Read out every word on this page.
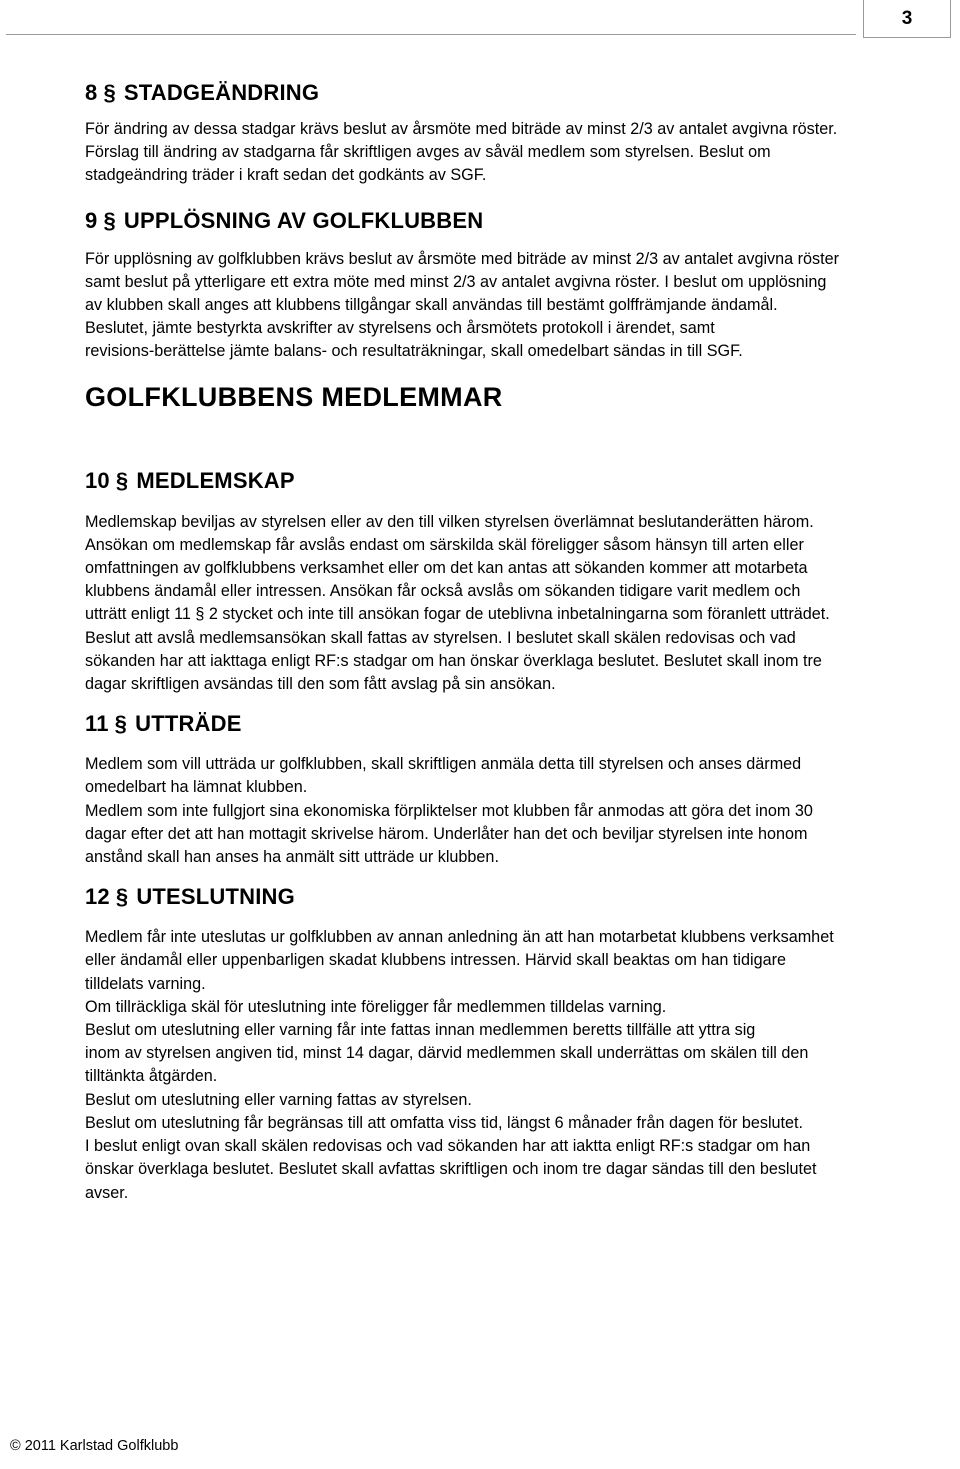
3
8 § STADGEÄNDRING

För ändring av dessa stadgar krävs beslut av årsmöte med biträde av minst 2/3 av antalet avgivna röster.

Förslag till ändring av stadgarna får skriftligen avges av såväl medlem som styrelsen. Beslut om

stadgeändring träder i kraft sedan det godkänts av SGF.

9 § UPPLÖSNING AV GOLFKLUBBEN

För upplösning av golfklubben krävs beslut av årsmöte med biträde av minst 2/3 av antalet avgivna röster

samt beslut på ytterligare ett extra möte med minst 2/3 av antalet avgivna röster. I beslut om upplösning

av klubben skall anges att klubbens tillgångar skall användas till bestämt golffrämjande ändamål.

Beslutet, jämte bestyrkta avskrifter av styrelsens och årsmötets protokoll i ärendet, samt

revisions-berättelse jämte balans- och resultaträkningar, skall omedelbart sändas in till SGF.

GOLFKLUBBENS MEDLEMMAR
10 § MEDLEMSKAP

Medlemskap beviljas av styrelsen eller av den till vilken styrelsen överlämnat beslutanderätten härom.

Ansökan om medlemskap får avslås endast om särskilda skäl föreligger såsom hänsyn till arten eller

omfattningen av golfklubbens verksamhet eller om det kan antas att sökanden kommer att motarbeta

klubbens ändamål eller intressen. Ansökan får också avslås om sökanden tidigare varit medlem och

utträtt enligt 11 § 2 stycket och inte till ansökan fogar de uteblivna inbetalningarna som föranlett utträdet.

Beslut att avslå medlemsansökan skall fattas av styrelsen. I beslutet skall skälen redovisas och vad

sökanden har att iakttaga enligt RF:s stadgar om han önskar överklaga beslutet. Beslutet skall inom tre

dagar skriftligen avsändas till den som fått avslag på sin ansökan.

11 § UTTRÄDE

Medlem som vill utträda ur golfklubben, skall skriftligen anmäla detta till styrelsen och anses därmed

omedelbart ha lämnat klubben.

Medlem som inte fullgjort sina ekonomiska förpliktelser mot klubben får anmodas att göra det inom 30

dagar efter det att han mottagit skrivelse härom. Underlåter han det och beviljar styrelsen inte honom

anstånd skall han anses ha anmält sitt utträde ur klubben.

12 § UTESLUTNING

Medlem får inte uteslutas ur golfklubben av annan anledning än att han motarbetat klubbens verksamhet

eller ändamål eller uppenbarligen skadat klubbens intressen. Härvid skall beaktas om han tidigare

tilldelats varning.

Om tillräckliga skäl för uteslutning inte föreligger får medlemmen tilldelas varning.

Beslut om uteslutning eller varning får inte fattas innan medlemmen beretts tillfälle att yttra sig

inom av styrelsen angiven tid, minst 14 dagar, därvid medlemmen skall underrättas om skälen till den

tilltänkta åtgärden.

Beslut om uteslutning eller varning fattas av styrelsen.

Beslut om uteslutning får begränsas till att omfatta viss tid, längst 6 månader från dagen för beslutet.

I beslut enligt ovan skall skälen redovisas och vad sökanden har att iaktta enligt RF:s stadgar om han

önskar överklaga beslutet. Beslutet skall avfattas skriftligen och inom tre dagar sändas till den beslutet

avser.

© 2011 Karlstad Golfklubb
